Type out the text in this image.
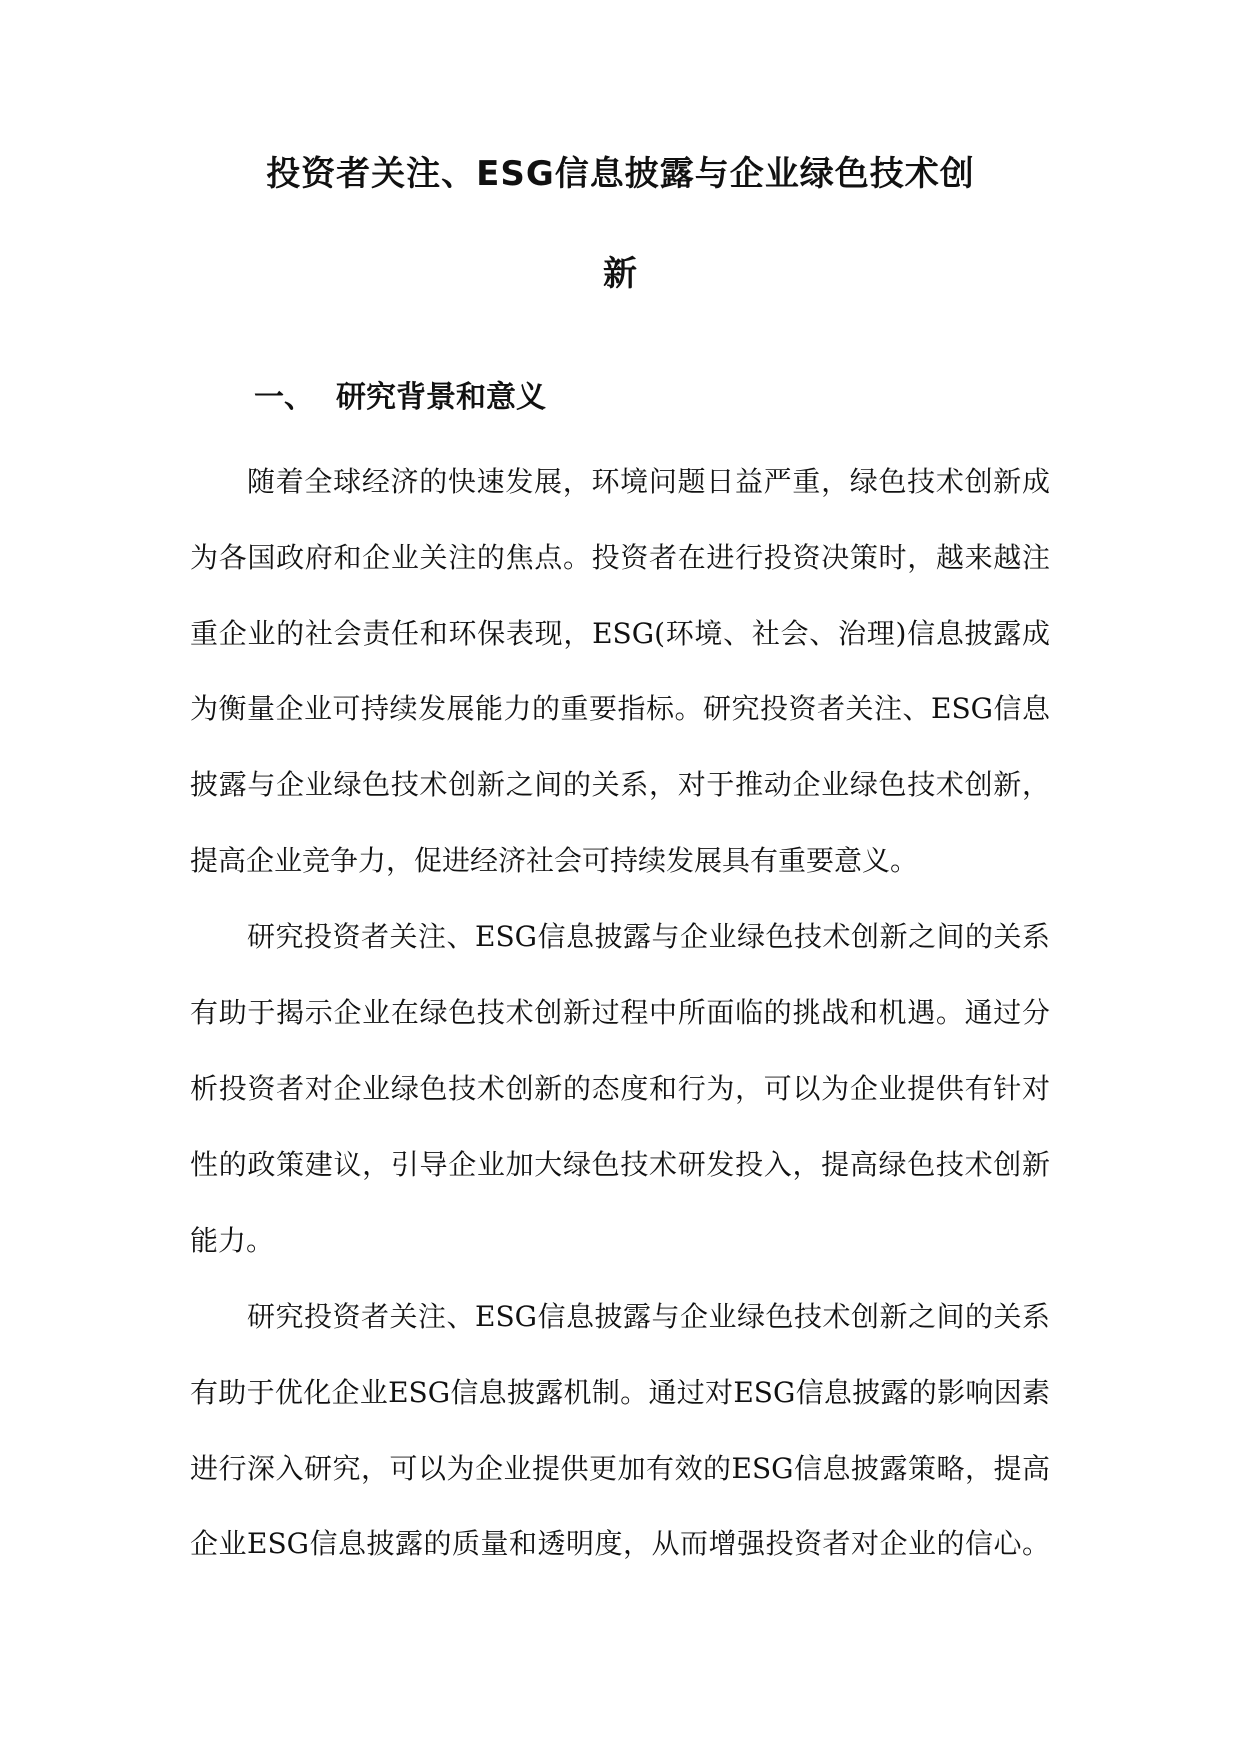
投资者关注、ESG信息披露与企业绿色技术创
新
一、 研究背景和意义
随着全球经济的快速发展，环境问题日益严重，绿色技术创新成
为各国政府和企业关注的焦点。投资者在进行投资决策时，越来越注
重企业的社会责任和环保表现，ESG(环境、社会、治理)信息披露成
为衡量企业可持续发展能力的重要指标。研究投资者关注、ESG信息
披露与企业绿色技术创新之间的关系，对于推动企业绿色技术创新，
提高企业竞争力，促进经济社会可持续发展具有重要意义。
研究投资者关注、ESG信息披露与企业绿色技术创新之间的关系
有助于揭示企业在绿色技术创新过程中所面临的挑战和机遇。通过分
析投资者对企业绿色技术创新的态度和行为，可以为企业提供有针对
性的政策建议，引导企业加大绿色技术研发投入，提高绿色技术创新
能力。
研究投资者关注、ESG信息披露与企业绿色技术创新之间的关系
有助于优化企业ESG信息披露机制。通过对ESG信息披露的影响因素
进行深入研究，可以为企业提供更加有效的ESG信息披露策略，提高
企业ESG信息披露的质量和透明度，从而增强投资者对企业的信心。
